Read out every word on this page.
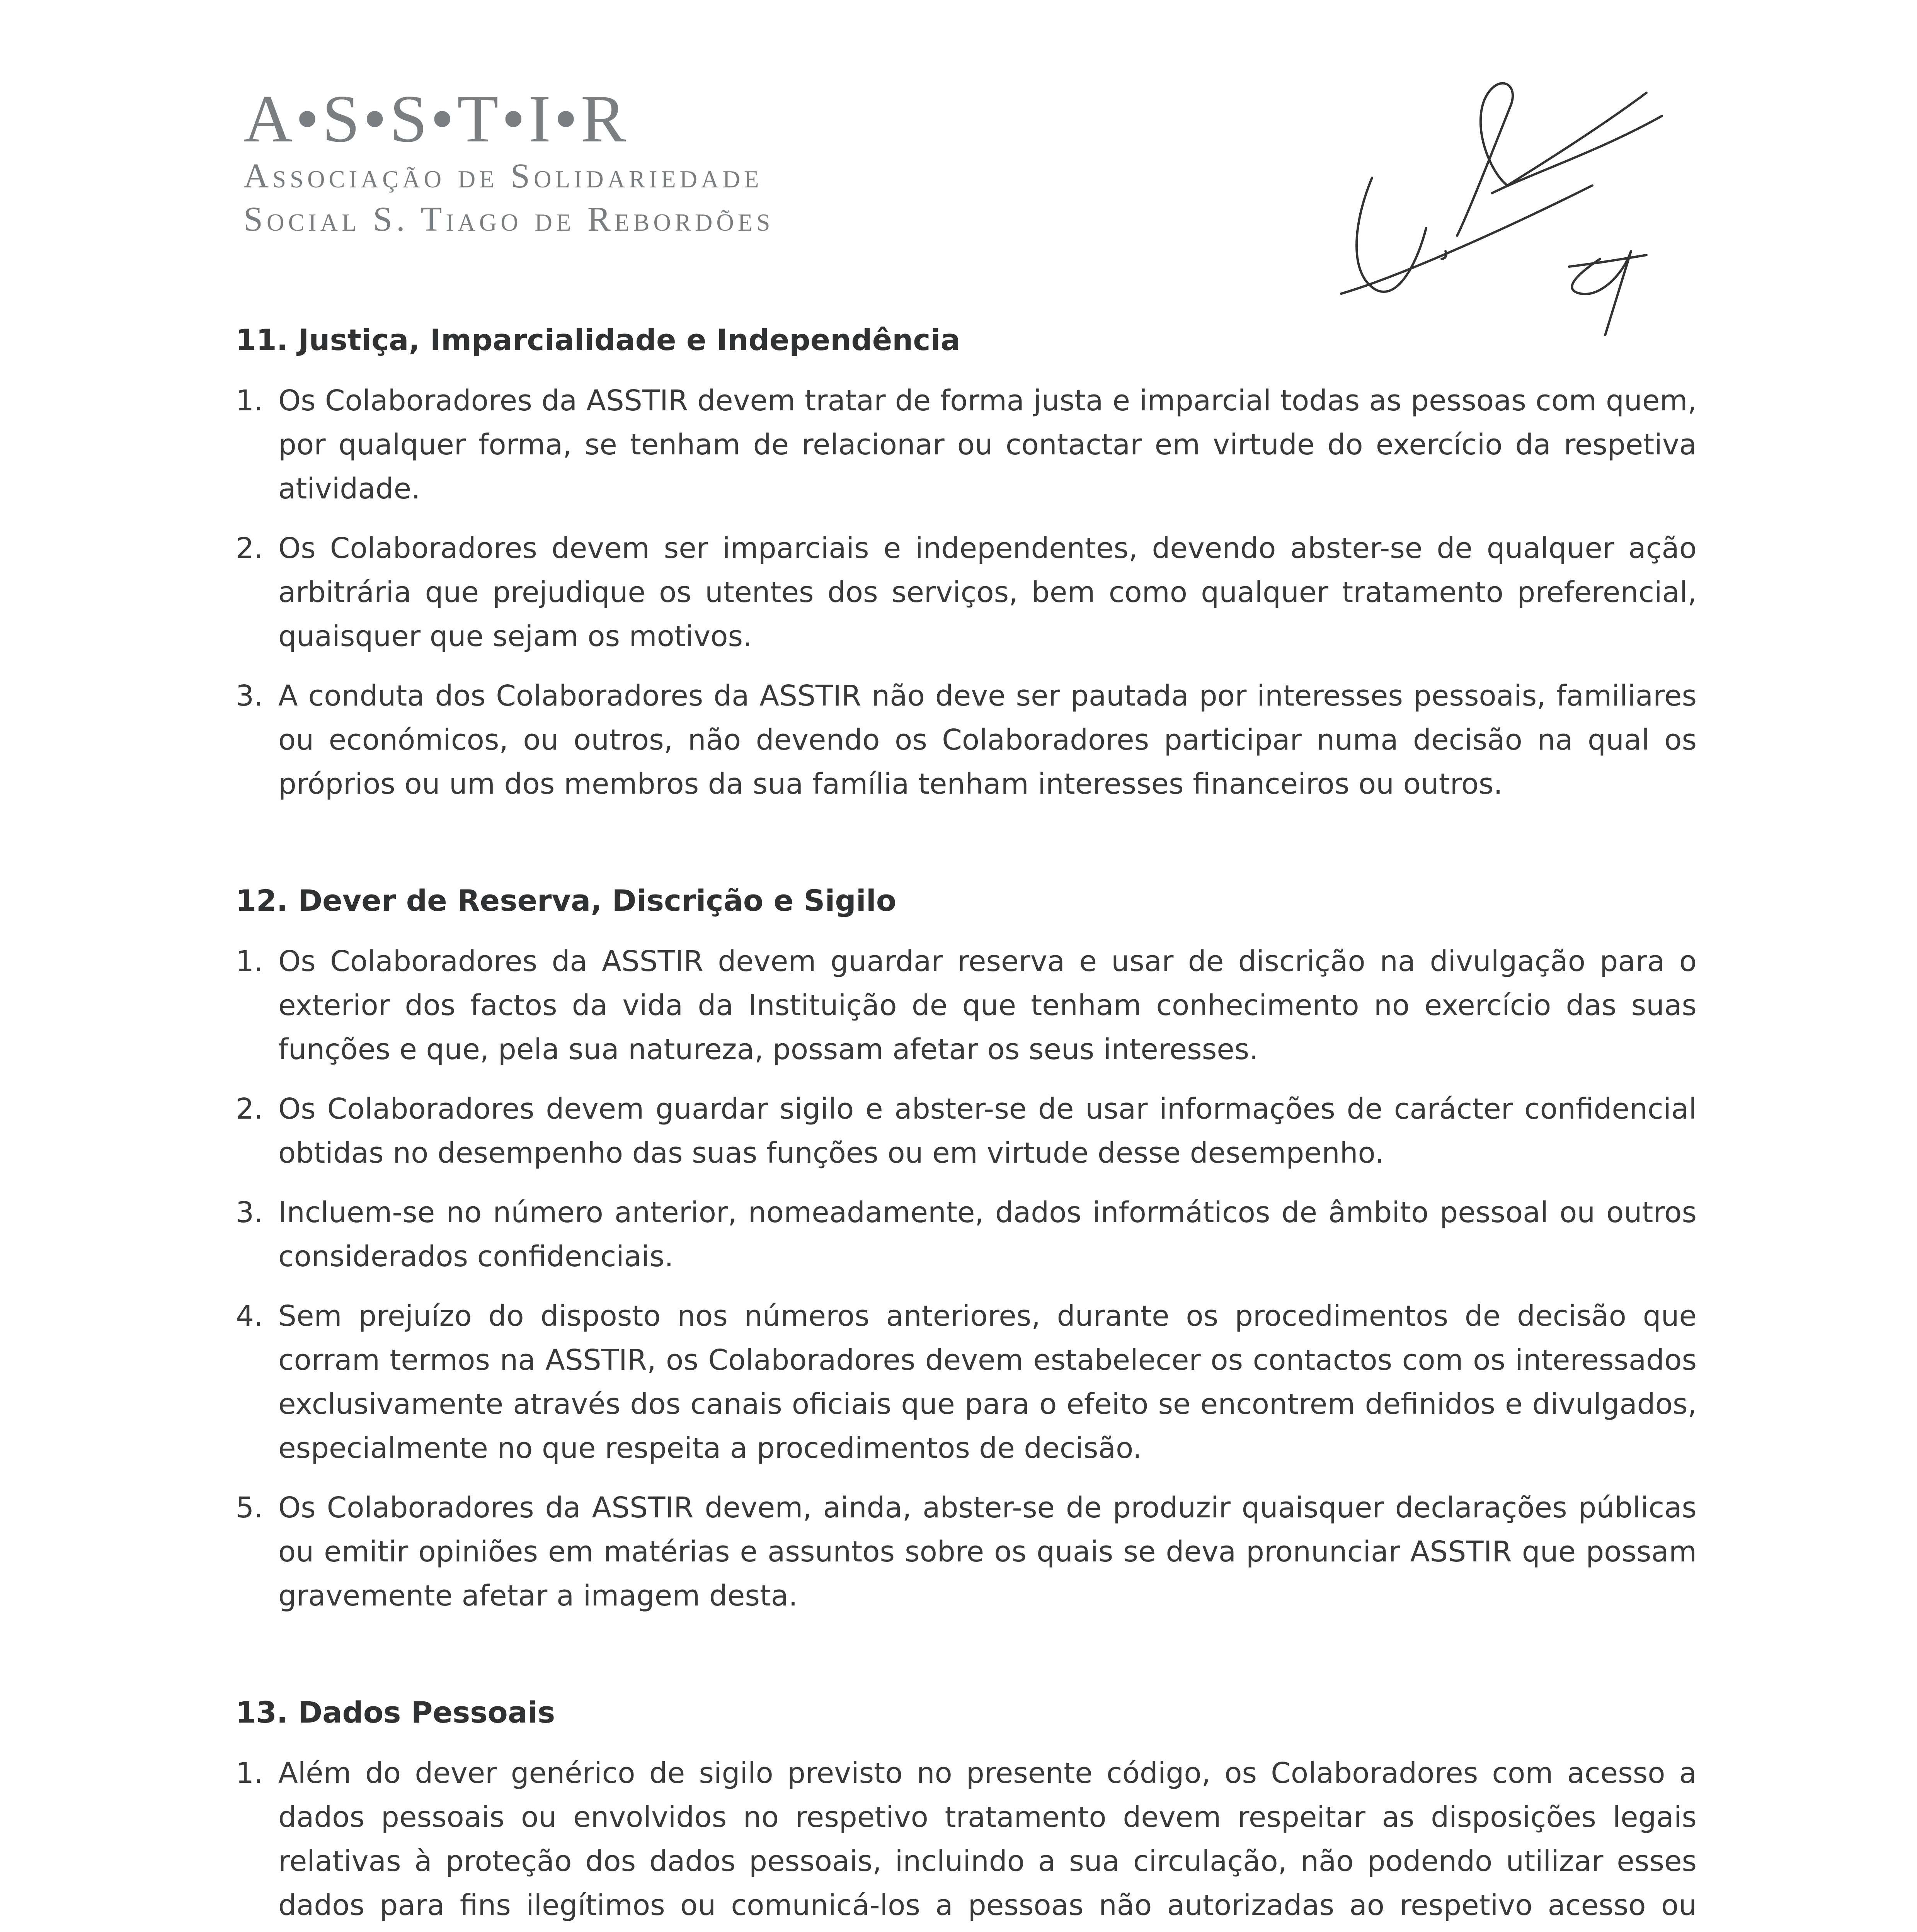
A•S•S•T•I•R
Associação de Solidariedade
Social S. Tiago de Rebordões
11. Justiça, Imparcialidade e Independência
1. Os Colaboradores da ASSTIR devem tratar de forma justa e imparcial todas as pessoas com quem, por qualquer forma, se tenham de relacionar ou contactar em virtude do exercício da respetiva atividade.

2. Os Colaboradores devem ser imparciais e independentes, devendo abster-se de qualquer ação arbitrária que prejudique os utentes dos serviços, bem como qualquer tratamento preferencial, quaisquer que sejam os motivos.

3. A conduta dos Colaboradores da ASSTIR não deve ser pautada por interesses pessoais, familiares ou económicos, ou outros, não devendo os Colaboradores participar numa decisão na qual os próprios ou um dos membros da sua família tenham interesses financeiros ou outros.

12. Dever de Reserva, Discrição e Sigilo
1. Os Colaboradores da ASSTIR devem guardar reserva e usar de discrição na divulgação para o exterior dos factos da vida da Instituição de que tenham conhecimento no exercício das suas funções e que, pela sua natureza, possam afetar os seus interesses.

2. Os Colaboradores devem guardar sigilo e abster-se de usar informações de carácter confidencial obtidas no desempenho das suas funções ou em virtude desse desempenho.

3. Incluem-se no número anterior, nomeadamente, dados informáticos de âmbito pessoal ou outros considerados confidenciais.

4. Sem prejuízo do disposto nos números anteriores, durante os procedimentos de decisão que corram termos na ASSTIR, os Colaboradores devem estabelecer os contactos com os interessados exclusivamente através dos canais oficiais que para o efeito se encontrem definidos e divulgados, especialmente no que respeita a procedimentos de decisão.

5. Os Colaboradores da ASSTIR devem, ainda, abster-se de produzir quaisquer declarações públicas ou emitir opiniões em matérias e assuntos sobre os quais se deva pronunciar ASSTIR que possam gravemente afetar a imagem desta.

13. Dados Pessoais
1. Além do dever genérico de sigilo previsto no presente código, os Colaboradores com acesso a dados pessoais ou envolvidos no respetivo tratamento devem respeitar as disposições legais relativas à proteção dos dados pessoais, incluindo a sua circulação, não podendo utilizar esses dados para fins ilegítimos ou comunicá-los a pessoas não autorizadas ao respetivo acesso ou
